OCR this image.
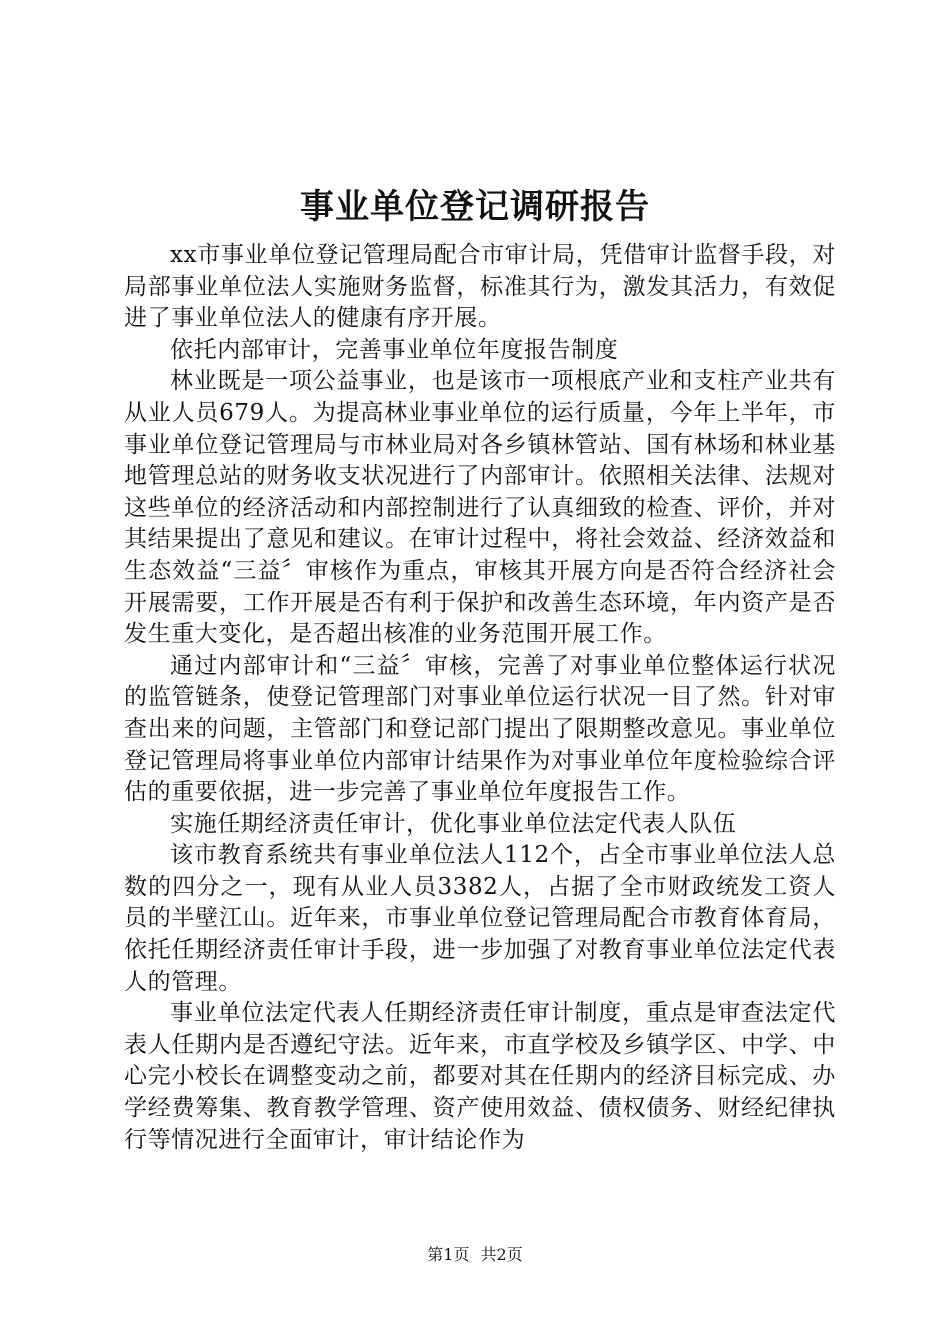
事业单位登记调研报告

xx市事业单位登记管理局配合市审计局，凭借审计监督手段，对局部事业单位法人实施财务监督，标准其行为，激发其活力，有效促进了事业单位法人的健康有序开展。

依托内部审计，完善事业单位年度报告制度

林业既是一项公益事业，也是该市一项根底产业和支柱产业共有从业人员679人。为提高林业事业单位的运行质量，今年上半年，市事业单位登记管理局与市林业局对各乡镇林管站、国有林场和林业基地管理总站的财务收支状况进行了内部审计。依照相关法律、法规对这些单位的经济活动和内部控制进行了认真细致的检查、评价，并对其结果提出了意见和建议。在审计过程中，将社会效益、经济效益和生态效益“三益〞审核作为重点，审核其开展方向是否符合经济社会开展需要，工作开展是否有利于保护和改善生态环境，年内资产是否发生重大变化，是否超出核准的业务范围开展工作。

通过内部审计和“三益〞审核，完善了对事业单位整体运行状况的监管链条，使登记管理部门对事业单位运行状况一目了然。针对审查出来的问题，主管部门和登记部门提出了限期整改意见。事业单位登记管理局将事业单位内部审计结果作为对事业单位年度检验综合评估的重要依据，进一步完善了事业单位年度报告工作。

实施任期经济责任审计，优化事业单位法定代表人队伍

该市教育系统共有事业单位法人112个，占全市事业单位法人总数的四分之一，现有从业人员3382人，占据了全市财政统发工资人员的半壁江山。近年来，市事业单位登记管理局配合市教育体育局，依托任期经济责任审计手段，进一步加强了对教育事业单位法定代表人的管理。

事业单位法定代表人任期经济责任审计制度，重点是审查法定代表人任期内是否遵纪守法。近年来，市直学校及乡镇学区、中学、中心完小校长在调整变动之前，都要对其在任期内的经济目标完成、办学经费筹集、教育教学管理、资产使用效益、债权债务、财经纪律执行等情况进行全面审计，审计结论作为

第1页 共2页
